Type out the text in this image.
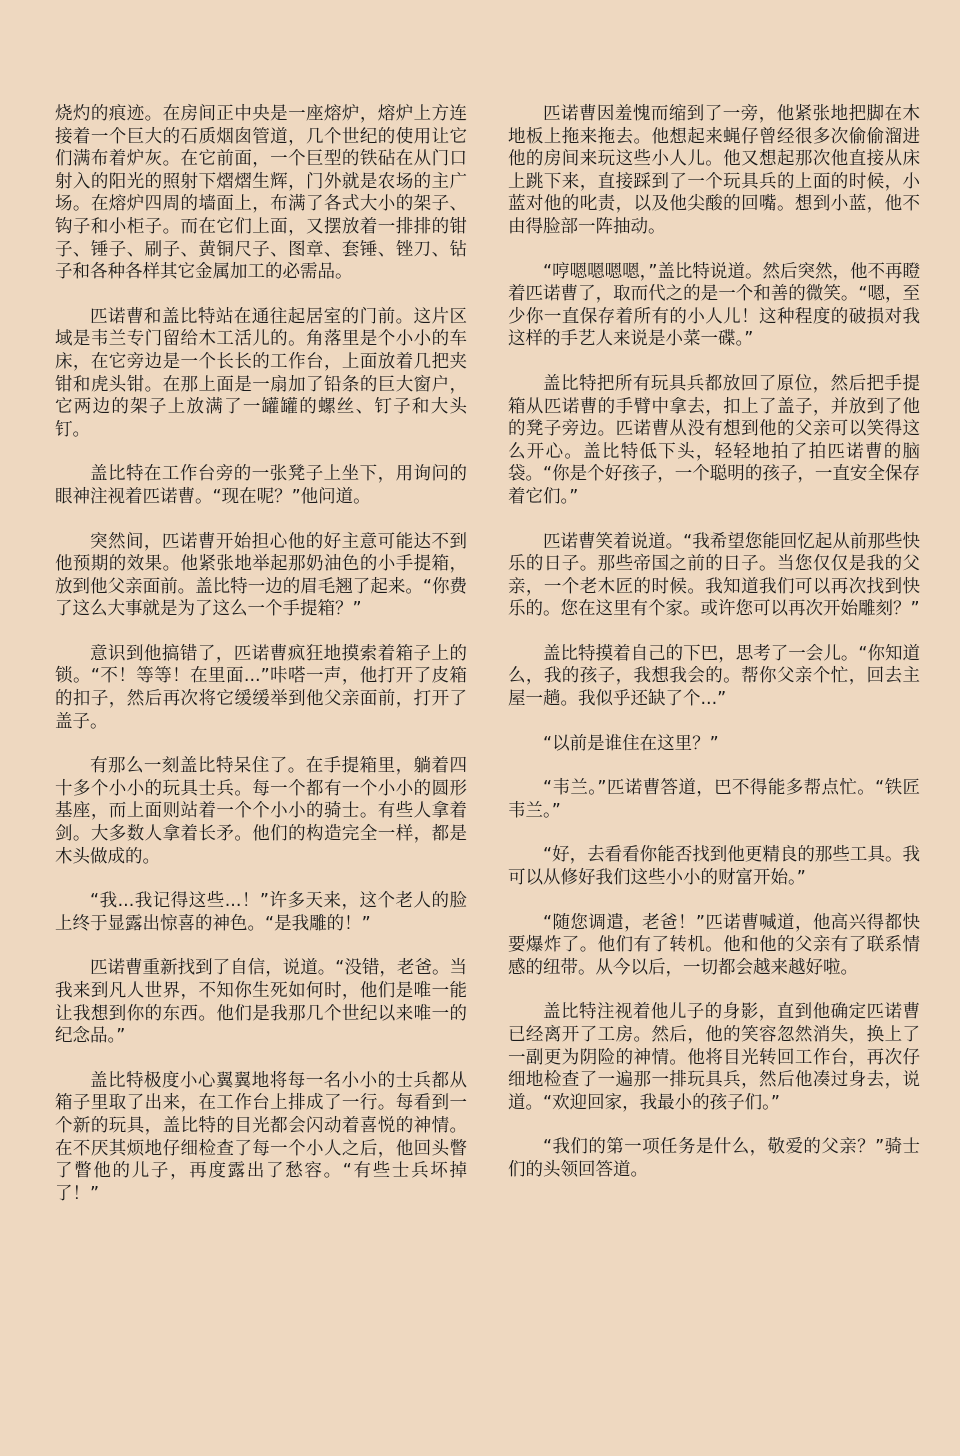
烧灼的痕迹。在房间正中央是一座熔炉，熔炉上方连接着一个巨大的石质烟囱管道，几个世纪的使用让它们满布着炉灰。在它前面，一个巨型的铁砧在从门口射入的阳光的照射下熠熠生辉，门外就是农场的主广场。在熔炉四周的墙面上，布满了各式大小的架子、钩子和小柜子。而在它们上面，又摆放着一排排的钳子、锤子、刷子、黄铜尺子、图章、套锤、锉刀、钻子和各种各样其它金属加工的必需品。

匹诺曹和盖比特站在通往起居室的门前。这片区域是韦兰专门留给木工活儿的。角落里是个小小的车床，在它旁边是一个长长的工作台，上面放着几把夹钳和虎头钳。在那上面是一扇加了铅条的巨大窗户，它两边的架子上放满了一罐罐的螺丝、钉子和大头钉。

盖比特在工作台旁的一张凳子上坐下，用询问的眼神注视着匹诺曹。“现在呢？”他问道。

突然间，匹诺曹开始担心他的好主意可能达不到他预期的效果。他紧张地举起那奶油色的小手提箱，放到他父亲面前。盖比特一边的眉毛翘了起来。“你费了这么大事就是为了这么一个手提箱？”

意识到他搞错了，匹诺曹疯狂地摸索着箱子上的锁。“不！等等！在里面...”咔嗒一声，他打开了皮箱的扣子，然后再次将它缓缓举到他父亲面前，打开了盖子。

有那么一刻盖比特呆住了。在手提箱里，躺着四十多个小小的玩具士兵。每一个都有一个小小的圆形基座，而上面则站着一个个小小的骑士。有些人拿着剑。大多数人拿着长矛。他们的构造完全一样，都是木头做成的。

“我...我记得这些...！”许多天来，这个老人的脸上终于显露出惊喜的神色。“是我雕的！”

匹诺曹重新找到了自信，说道。“没错，老爸。当我来到凡人世界，不知你生死如何时，他们是唯一能让我想到你的东西。他们是我那几个世纪以来唯一的纪念品。”

盖比特极度小心翼翼地将每一名小小的士兵都从箱子里取了出来，在工作台上排成了一行。每看到一个新的玩具，盖比特的目光都会闪动着喜悦的神情。在不厌其烦地仔细检查了每一个小人之后，他回头瞥了瞥他的儿子，再度露出了愁容。“有些士兵坏掉了！”

匹诺曹因羞愧而缩到了一旁，他紧张地把脚在木地板上拖来拖去。他想起来蝇仔曾经很多次偷偷溜进他的房间来玩这些小人儿。他又想起那次他直接从床上跳下来，直接踩到了一个玩具兵的上面的时候，小蓝对他的叱责，以及他尖酸的回嘴。想到小蓝，他不由得脸部一阵抽动。

“哼嗯嗯嗯嗯，”盖比特说道。然后突然，他不再瞪着匹诺曹了，取而代之的是一个和善的微笑。“嗯，至少你一直保存着所有的小人儿！这种程度的破损对我这样的手艺人来说是小菜一碟。”

盖比特把所有玩具兵都放回了原位，然后把手提箱从匹诺曹的手臂中拿去，扣上了盖子，并放到了他的凳子旁边。匹诺曹从没有想到他的父亲可以笑得这么开心。盖比特低下头，轻轻地拍了拍匹诺曹的脑袋。“你是个好孩子，一个聪明的孩子，一直安全保存着它们。”

匹诺曹笑着说道。“我希望您能回忆起从前那些快乐的日子。那些帝国之前的日子。当您仅仅是我的父亲，一个老木匠的时候。我知道我们可以再次找到快乐的。您在这里有个家。或许您可以再次开始雕刻？”

盖比特摸着自己的下巴，思考了一会儿。“你知道么，我的孩子，我想我会的。帮你父亲个忙，回去主屋一趟。我似乎还缺了个...”

“以前是谁住在这里？”

“韦兰。”匹诺曹答道，巴不得能多帮点忙。“铁匠韦兰。”

“好，去看看你能否找到他更精良的那些工具。我可以从修好我们这些小小的财富开始。”

“随您调遣，老爸！”匹诺曹喊道，他高兴得都快要爆炸了。他们有了转机。他和他的父亲有了联系情感的纽带。从今以后，一切都会越来越好啦。

盖比特注视着他儿子的身影，直到他确定匹诺曹已经离开了工房。然后，他的笑容忽然消失，换上了一副更为阴险的神情。他将目光转回工作台，再次仔细地检查了一遍那一排玩具兵，然后他凑过身去，说道。“欢迎回家，我最小的孩子们。”

“我们的第一项任务是什么，敬爱的父亲？”骑士们的头领回答道。
